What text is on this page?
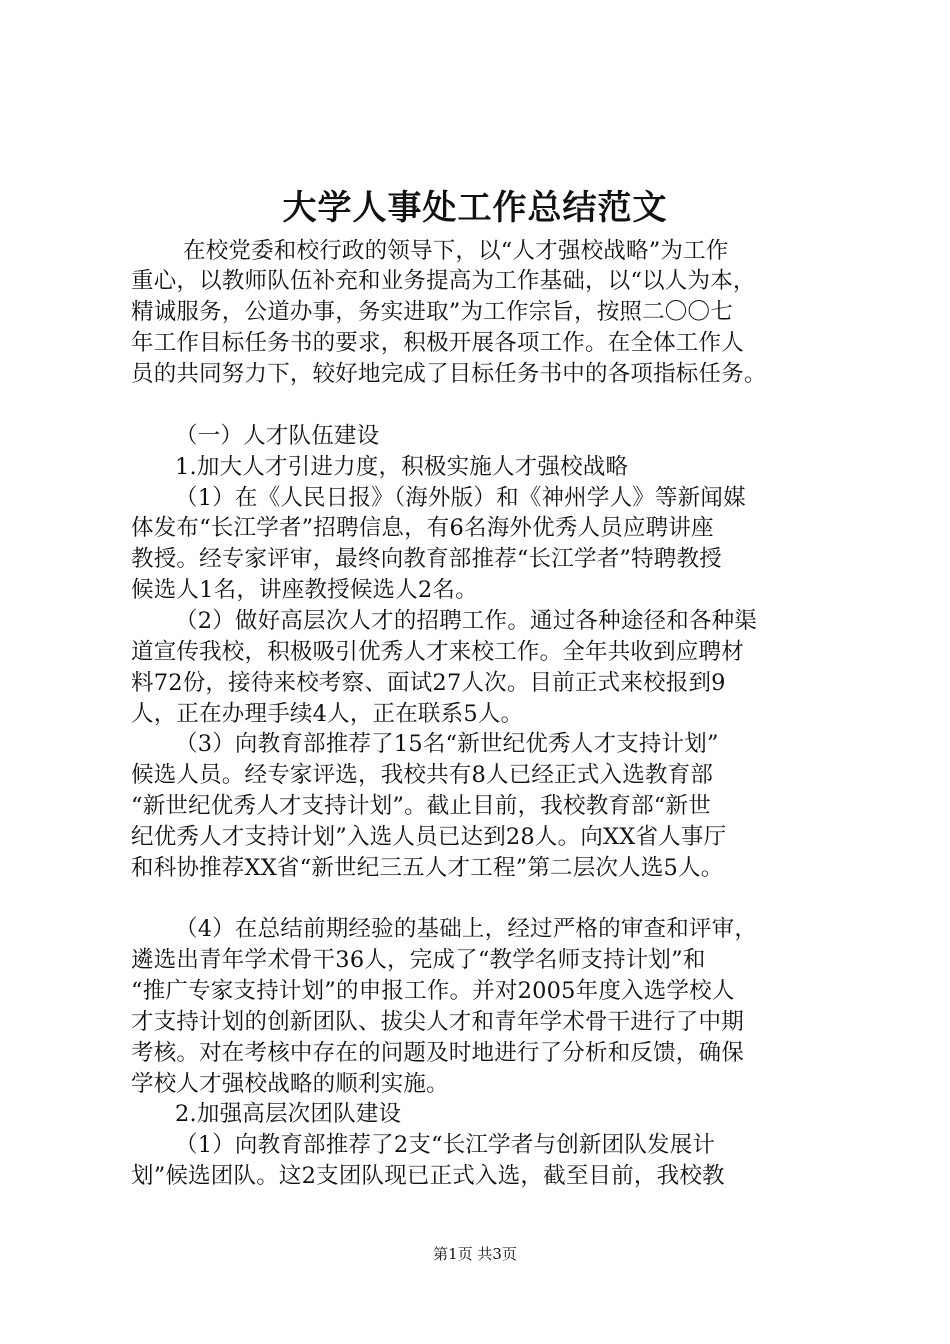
大学人事处工作总结范文
在校党委和校行政的领导下，以“人才强校战略”为工作
重心，以教师队伍补充和业务提高为工作基础，以“以人为本，
精诚服务，公道办事，务实进取”为工作宗旨，按照二〇〇七
年工作目标任务书的要求，积极开展各项工作。在全体工作人
员的共同努力下，较好地完成了目标任务书中的各项指标任务。
（一）人才队伍建设
1.加大人才引进力度，积极实施人才强校战略
（1）在《人民日报》（海外版）和《神州学人》等新闻媒
体发布“长江学者”招聘信息，有6名海外优秀人员应聘讲座
教授。经专家评审，最终向教育部推荐“长江学者”特聘教授
候选人1名，讲座教授候选人2名。
（2）做好高层次人才的招聘工作。通过各种途径和各种渠
道宣传我校，积极吸引优秀人才来校工作。全年共收到应聘材
料72份，接待来校考察、面试27人次。目前正式来校报到9
人，正在办理手续4人，正在联系5人。
（3）向教育部推荐了15名“新世纪优秀人才支持计划”
候选人员。经专家评选，我校共有8人已经正式入选教育部
“新世纪优秀人才支持计划”。截止目前，我校教育部“新世
纪优秀人才支持计划”入选人员已达到28人。向XX省人事厅
和科协推荐XX省“新世纪三五人才工程”第二层次人选5人。
（4）在总结前期经验的基础上，经过严格的审查和评审，
遴选出青年学术骨干36人，完成了“教学名师支持计划”和
“推广专家支持计划”的申报工作。并对2005年度入选学校人
才支持计划的创新团队、拔尖人才和青年学术骨干进行了中期
考核。对在考核中存在的问题及时地进行了分析和反馈，确保
学校人才强校战略的顺利实施。
2.加强高层次团队建设
（1）向教育部推荐了2支“长江学者与创新团队发展计
划”候选团队。这2支团队现已正式入选，截至目前，我校教
第1页 共3页
